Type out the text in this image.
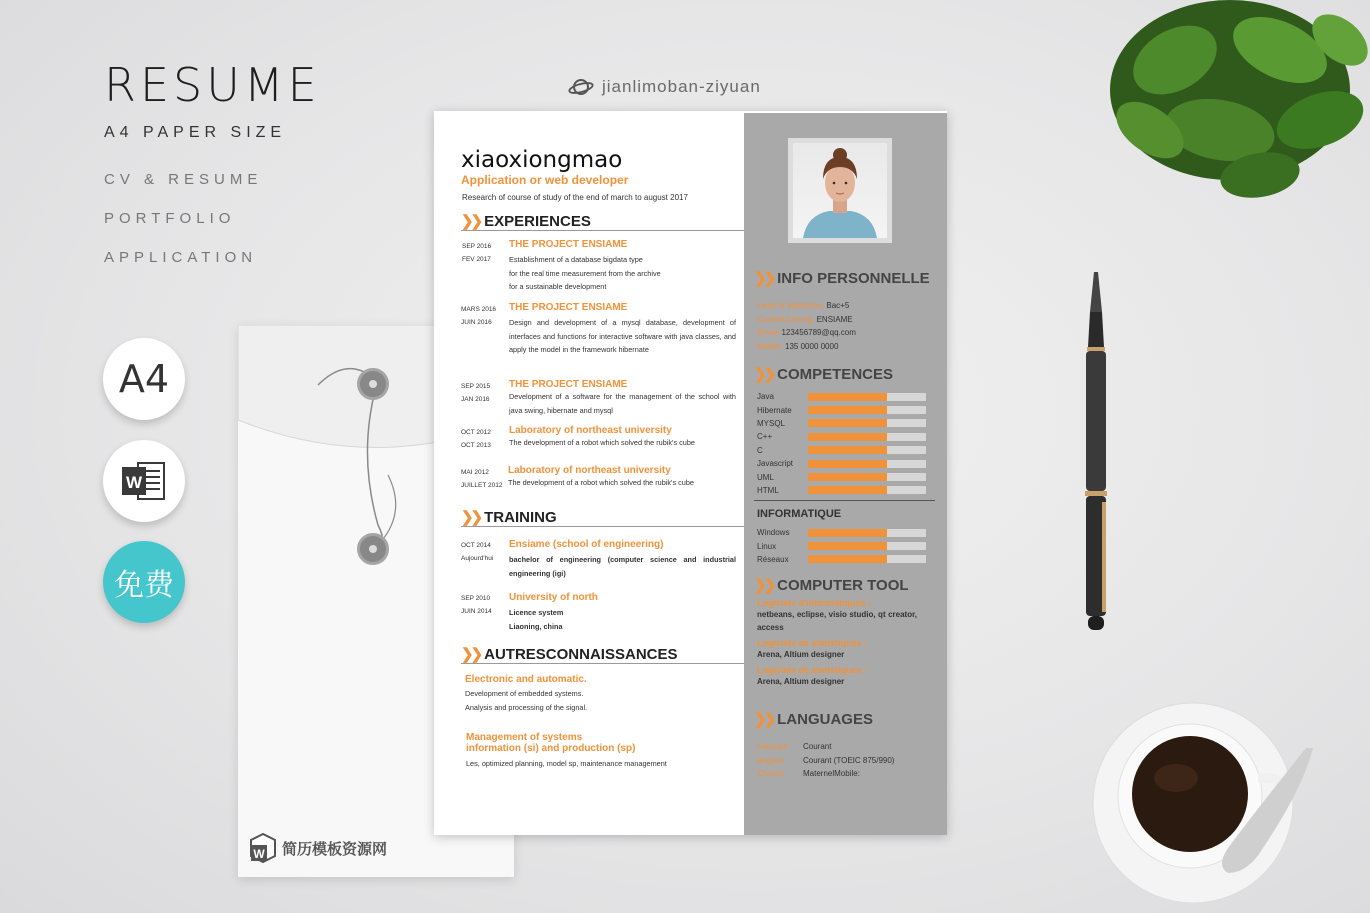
RESUME
A4 PAPER SIZE
CV & RESUME
PORTFOLIO
APPLICATION
A4
W
免费
jianlimoban-ziyuan
W 简历模板资源网
xiaoxiongmao
Application or web developer
Research of course of study of the end of march to august 2017
❯❯ EXPERIENCES
SEP 2016
FEV 2017
THE PROJECT ENSIAME
Establishment of a database bigdata type
for the real time measurement from the archive
for a sustainable development
MARS 2016
JUIN 2016
THE PROJECT ENSIAME
Design and development of a mysql database, development of interfaces and functions for interactive software with java classes, and apply the model in the framework hibernate
SEP 2015
JAN 2016
THE PROJECT ENSIAME
Development of a software for the management of the school with java swing, hibernate and mysql
OCT 2012
OCT 2013
Laboratory of northeast university
The development of a robot which solved the rubik's cube
MAI 2012
JUILLET 2012
Laboratory of northeast university
The development of a robot which solved the rubik's cube
❯❯ TRAINING
OCT 2014
Aujourd'hui
Ensiame (school of engineering)
bachelor of engineering (computer science and industrial engineering (igi)
SEP 2010
JUIN 2014
University of north
Licence system
Liaoning, china
❯❯ AUTRESCONNAISSANCES
Electronic and automatic.
Development of embedded systems.
Analysis and processing of the signal.
Management of systems
information (si) and production (sp)
Les, optimized planning, model sp, maintenance management
❯❯ INFO PERSONNELLE
Level of education: Bac+5
Current training: ENSIAME
Email: 123456789@qq.com
Mobile: 135 0000 0000
❯❯ COMPETENCES
Java
Hibernate
MYSQL
C++
C
Javascript
UML
HTML
INFORMATIQUE
Windows
Linux
Réseaux
❯❯ COMPUTER TOOL
Logiciels d'informatiques :
netbeans, eclipse, visio studio, qt creator, access
Logiciels de statistiques :
Arena, Altium designer
Logiciels de statistiques :
Arena, Altium designer
❯❯ LANGUAGES
Français	Courant
Anglais	Courant (TOEIC 875/990)
Chinois	MaternelMobile:
